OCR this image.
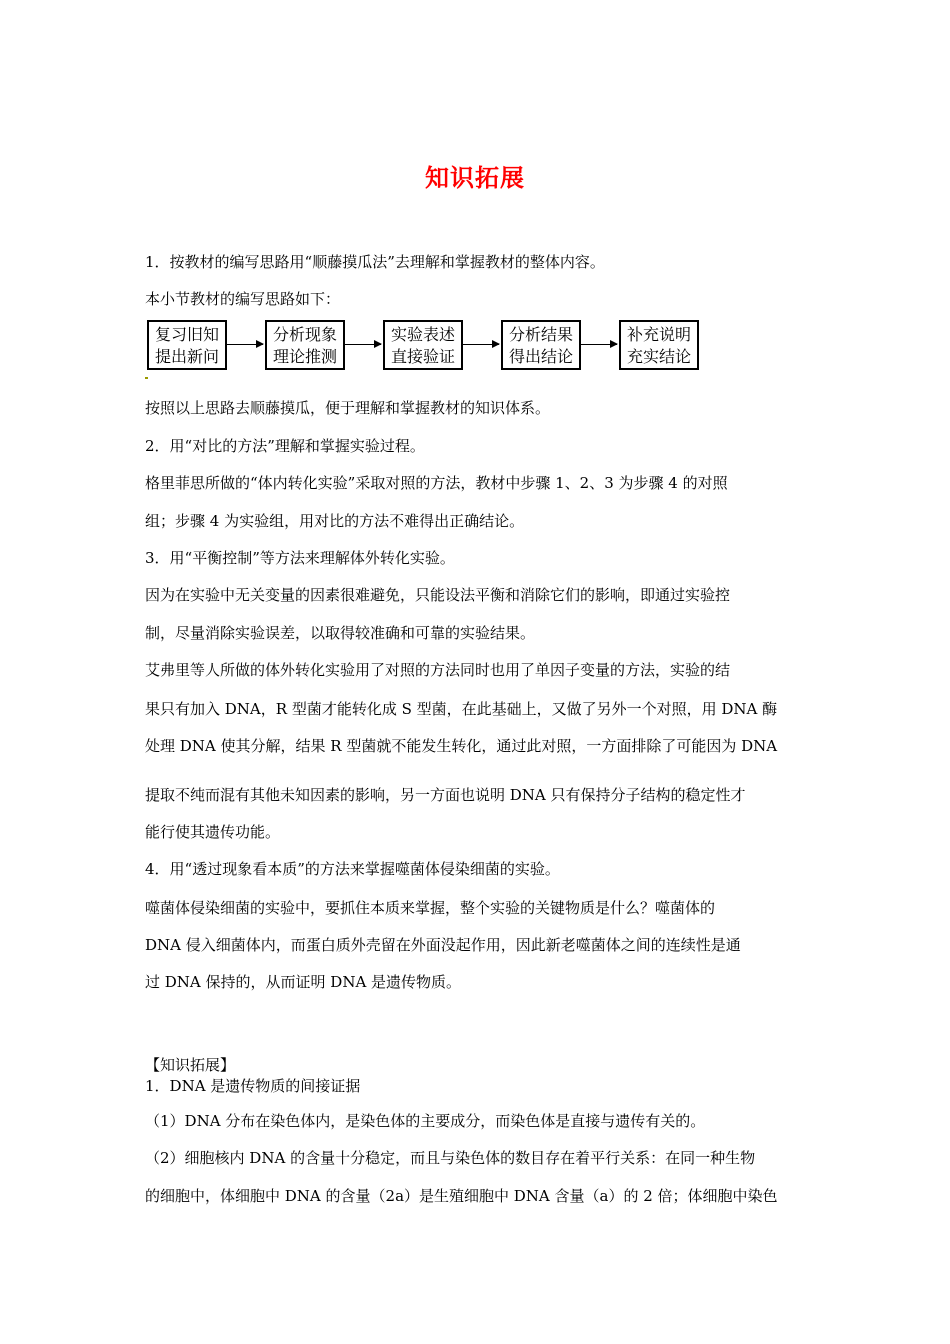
知识拓展
1．按教材的编写思路用“顺藤摸瓜法”去理解和掌握教材的整体内容。
本小节教材的编写思路如下：
复习旧知
提出新问
分析现象
理论推测
实验表述
直接验证
分析结果
得出结论
补充说明
充实结论
按照以上思路去顺藤摸瓜，便于理解和掌握教材的知识体系。
2．用“对比的方法”理解和掌握实验过程。
格里菲思所做的“体内转化实验”采取对照的方法，教材中步骤 1、2、3 为步骤 4 的对照
组；步骤 4 为实验组，用对比的方法不难得出正确结论。
3．用“平衡控制”等方法来理解体外转化实验。
因为在实验中无关变量的因素很难避免，只能设法平衡和消除它们的影响，即通过实验控
制，尽量消除实验误差，以取得较准确和可靠的实验结果。
艾弗里等人所做的体外转化实验用了对照的方法同时也用了单因子变量的方法，实验的结
果只有加入 DNA，R 型菌才能转化成 S 型菌，在此基础上，又做了另外一个对照，用 DNA 酶
处理 DNA 使其分解，结果 R 型菌就不能发生转化，通过此对照，一方面排除了可能因为 DNA
提取不纯而混有其他未知因素的影响，另一方面也说明 DNA 只有保持分子结构的稳定性才
能行使其遗传功能。
4．用“透过现象看本质”的方法来掌握噬菌体侵染细菌的实验。
噬菌体侵染细菌的实验中，要抓住本质来掌握，整个实验的关键物质是什么？噬菌体的
DNA 侵入细菌体内，而蛋白质外壳留在外面没起作用，因此新老噬菌体之间的连续性是通
过 DNA 保持的，从而证明 DNA 是遗传物质。
【知识拓展】
1．DNA 是遗传物质的间接证据
（1）DNA 分布在染色体内，是染色体的主要成分，而染色体是直接与遗传有关的。
（2）细胞核内 DNA 的含量十分稳定，而且与染色体的数目存在着平行关系：在同一种生物
的细胞中，体细胞中 DNA 的含量（2a）是生殖细胞中 DNA 含量（a）的 2 倍；体细胞中染色
